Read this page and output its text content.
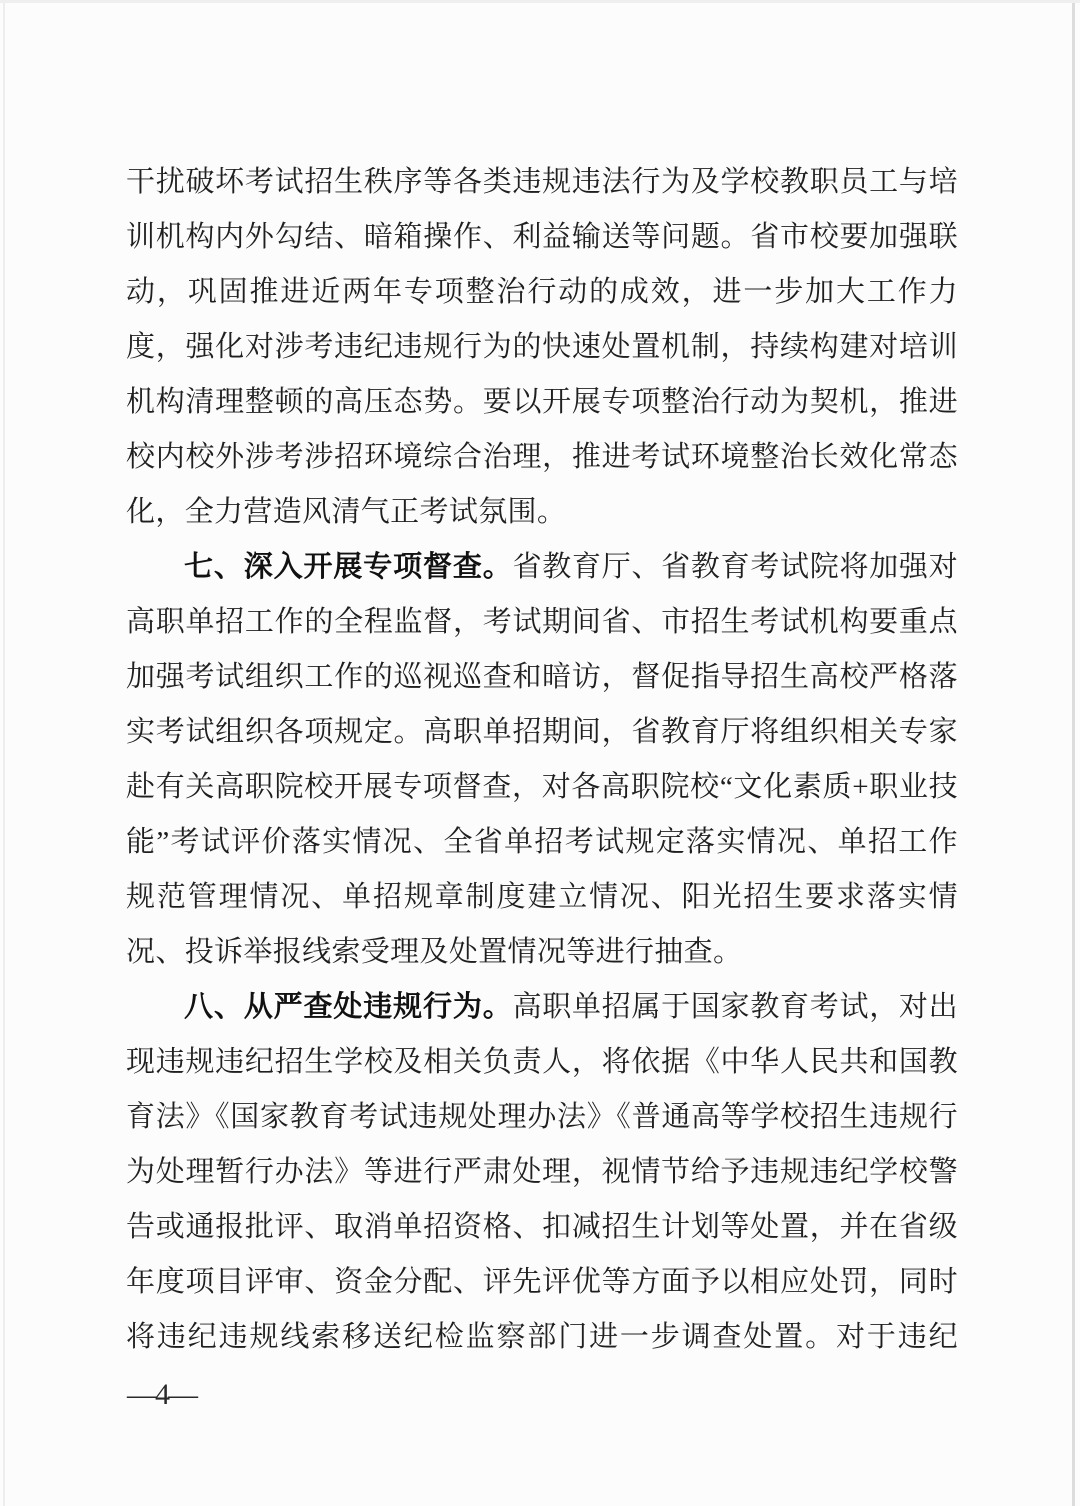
干扰破坏考试招生秩序等各类违规违法行为及学校教职员工与培训机构内外勾结、暗箱操作、利益输送等问题。省市校要加强联动，巩固推进近两年专项整治行动的成效，进一步加大工作力度，强化对涉考违纪违规行为的快速处置机制，持续构建对培训机构清理整顿的高压态势。要以开展专项整治行动为契机，推进校内校外涉考涉招环境综合治理，推进考试环境整治长效化常态化，全力营造风清气正考试氛围。

七、深入开展专项督查。省教育厅、省教育考试院将加强对高职单招工作的全程监督，考试期间省、市招生考试机构要重点加强考试组织工作的巡视巡查和暗访，督促指导招生高校严格落实考试组织各项规定。高职单招期间，省教育厅将组织相关专家赴有关高职院校开展专项督查，对各高职院校“文化素质+职业技能”考试评价落实情况、全省单招考试规定落实情况、单招工作规范管理情况、单招规章制度建立情况、阳光招生要求落实情况、投诉举报线索受理及处置情况等进行抽查。

八、从严查处违规行为。高职单招属于国家教育考试，对出现违规违纪招生学校及相关负责人，将依据《中华人民共和国教育法》《国家教育考试违规处理办法》《普通高等学校招生违规行为处理暂行办法》等进行严肃处理，视情节给予违规违纪学校警告或通报批评、取消单招资格、扣减招生计划等处置，并在省级年度项目评审、资金分配、评先评优等方面予以相应处罚，同时将违纪违规线索移送纪检监察部门进一步调查处置。对于违纪

—4—
